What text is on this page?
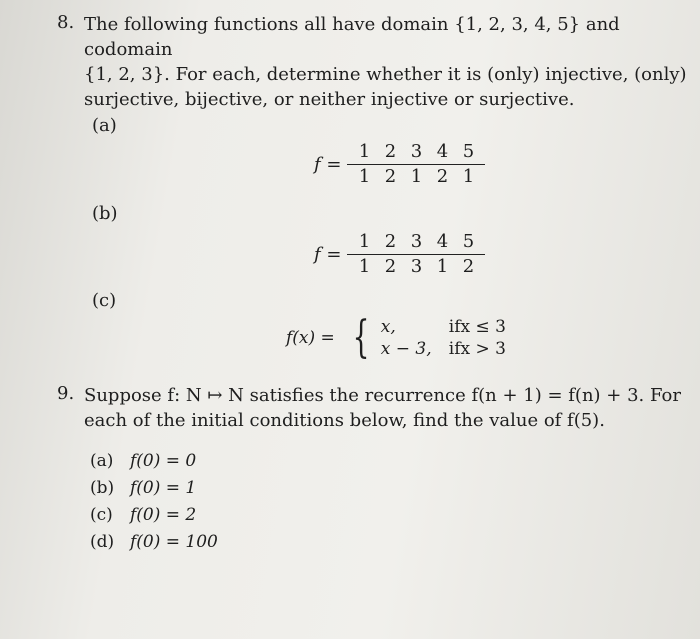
8. The following functions all have domain {1, 2, 3, 4, 5} and codomain
{1, 2, 3}. For each, determine whether it is (only) injective, (only)
surjective, bijective, or neither injective or surjective.
(a)
$f = \frac{1 2 3 4 5}{1 2 1 2 1}$
(b)
$f = \frac{1 2 3 4 5}{1 2 3 1 2}$
(c)
f(x) = { x,	ifx ≤ 3
x − 3,	ifx > 3
9. Suppose f: N ↦ N satisfies the recurrence f(n + 1) = f(n) + 3. For
each of the initial conditions below, find the value of f(5).
(a) f(0) = 0
(b) f(0) = 1
(c) f(0) = 2
(d) f(0) = 100
